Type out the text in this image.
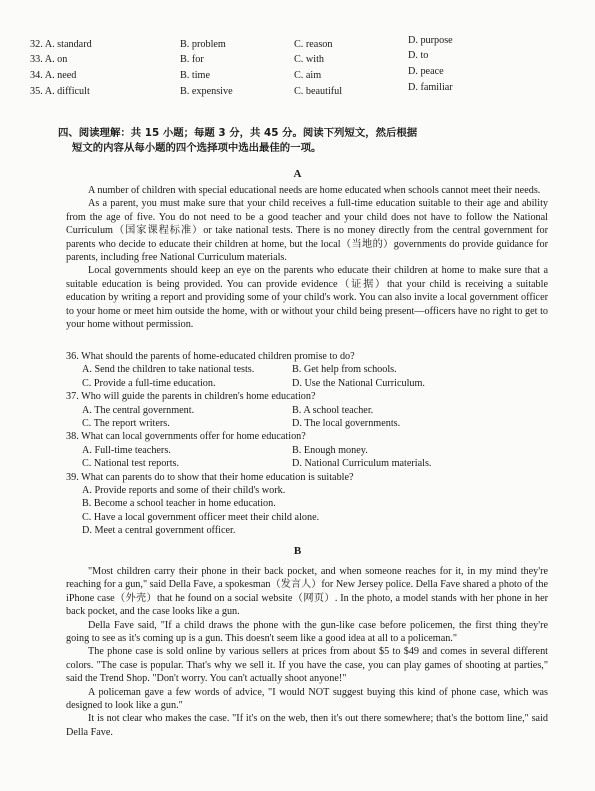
32. A. standard	B. problem	C. reason	D. purpose
33. A. on	B. for	C. with	D. to
34. A. need	B. time	C. aim	D. peace
35. A. difficult	B. expensive	C. beautiful	D. familiar
四、阅读理解：共 15 小题；每题 3 分，共 45 分。阅读下列短文，然后根据
短文的内容从每小题的四个选择项中选出最佳的一项。
A

A number of children with special educational needs are home educated when schools cannot meet their needs.

As a parent, you must make sure that your child receives a full-time education suitable to their age and ability from the age of five. You do not need to be a good teacher and your child does not have to follow the National Curriculum（国家课程标准）or take national tests. There is no money directly from the central government for parents who decide to educate their children at home, but the local（当地的）governments do provide guidance for parents, including free National Curriculum materials.

Local governments should keep an eye on the parents who educate their children at home to make sure that a suitable education is being provided. You can provide evidence（证据）that your child is receiving a suitable education by writing a report and providing some of your child's work. You can also invite a local government officer to your home or meet him outside the home, with or without your child being present—officers have no right to get to your home without permission.

36. What should the parents of home-educated children promise to do?
A. Send the children to take national tests.	B. Get help from schools.
C. Provide a full-time education.	D. Use the National Curriculum.
37. Who will guide the parents in children's home education?
A. The central government.	B. A school teacher.
C. The report writers.	D. The local governments.
38. What can local governments offer for home education?
A. Full-time teachers.	B. Enough money.
C. National test reports.	D. National Curriculum materials.
39. What can parents do to show that their home education is suitable?
A. Provide reports and some of their child's work.
B. Become a school teacher in home education.
C. Have a local government officer meet their child alone.
D. Meet a central government officer.
B

"Most children carry their phone in their back pocket, and when someone reaches for it, in my mind they're reaching for a gun," said Della Fave, a spokesman（发言人）for New Jersey police. Della Fave shared a photo of the iPhone case（外壳）that he found on a social website（网页）. In the photo, a model stands with her phone in her back pocket, and the case looks like a gun.

Della Fave said, "If a child draws the phone with the gun-like case before policemen, the first thing they're going to see as it's coming up is a gun. This doesn't seem like a good idea at all to a policeman."

The phone case is sold online by various sellers at prices from about $5 to $49 and comes in several different colors. "The case is popular. That's why we sell it. If you have the case, you can play games of shooting at parties," said the Trend Shop. "Don't worry. You can't actually shoot anyone!"

A policeman gave a few words of advice, "I would NOT suggest buying this kind of phone case, which was designed to look like a gun."

It is not clear who makes the case. "If it's on the web, then it's out there somewhere; that's the bottom line," said Della Fave.
